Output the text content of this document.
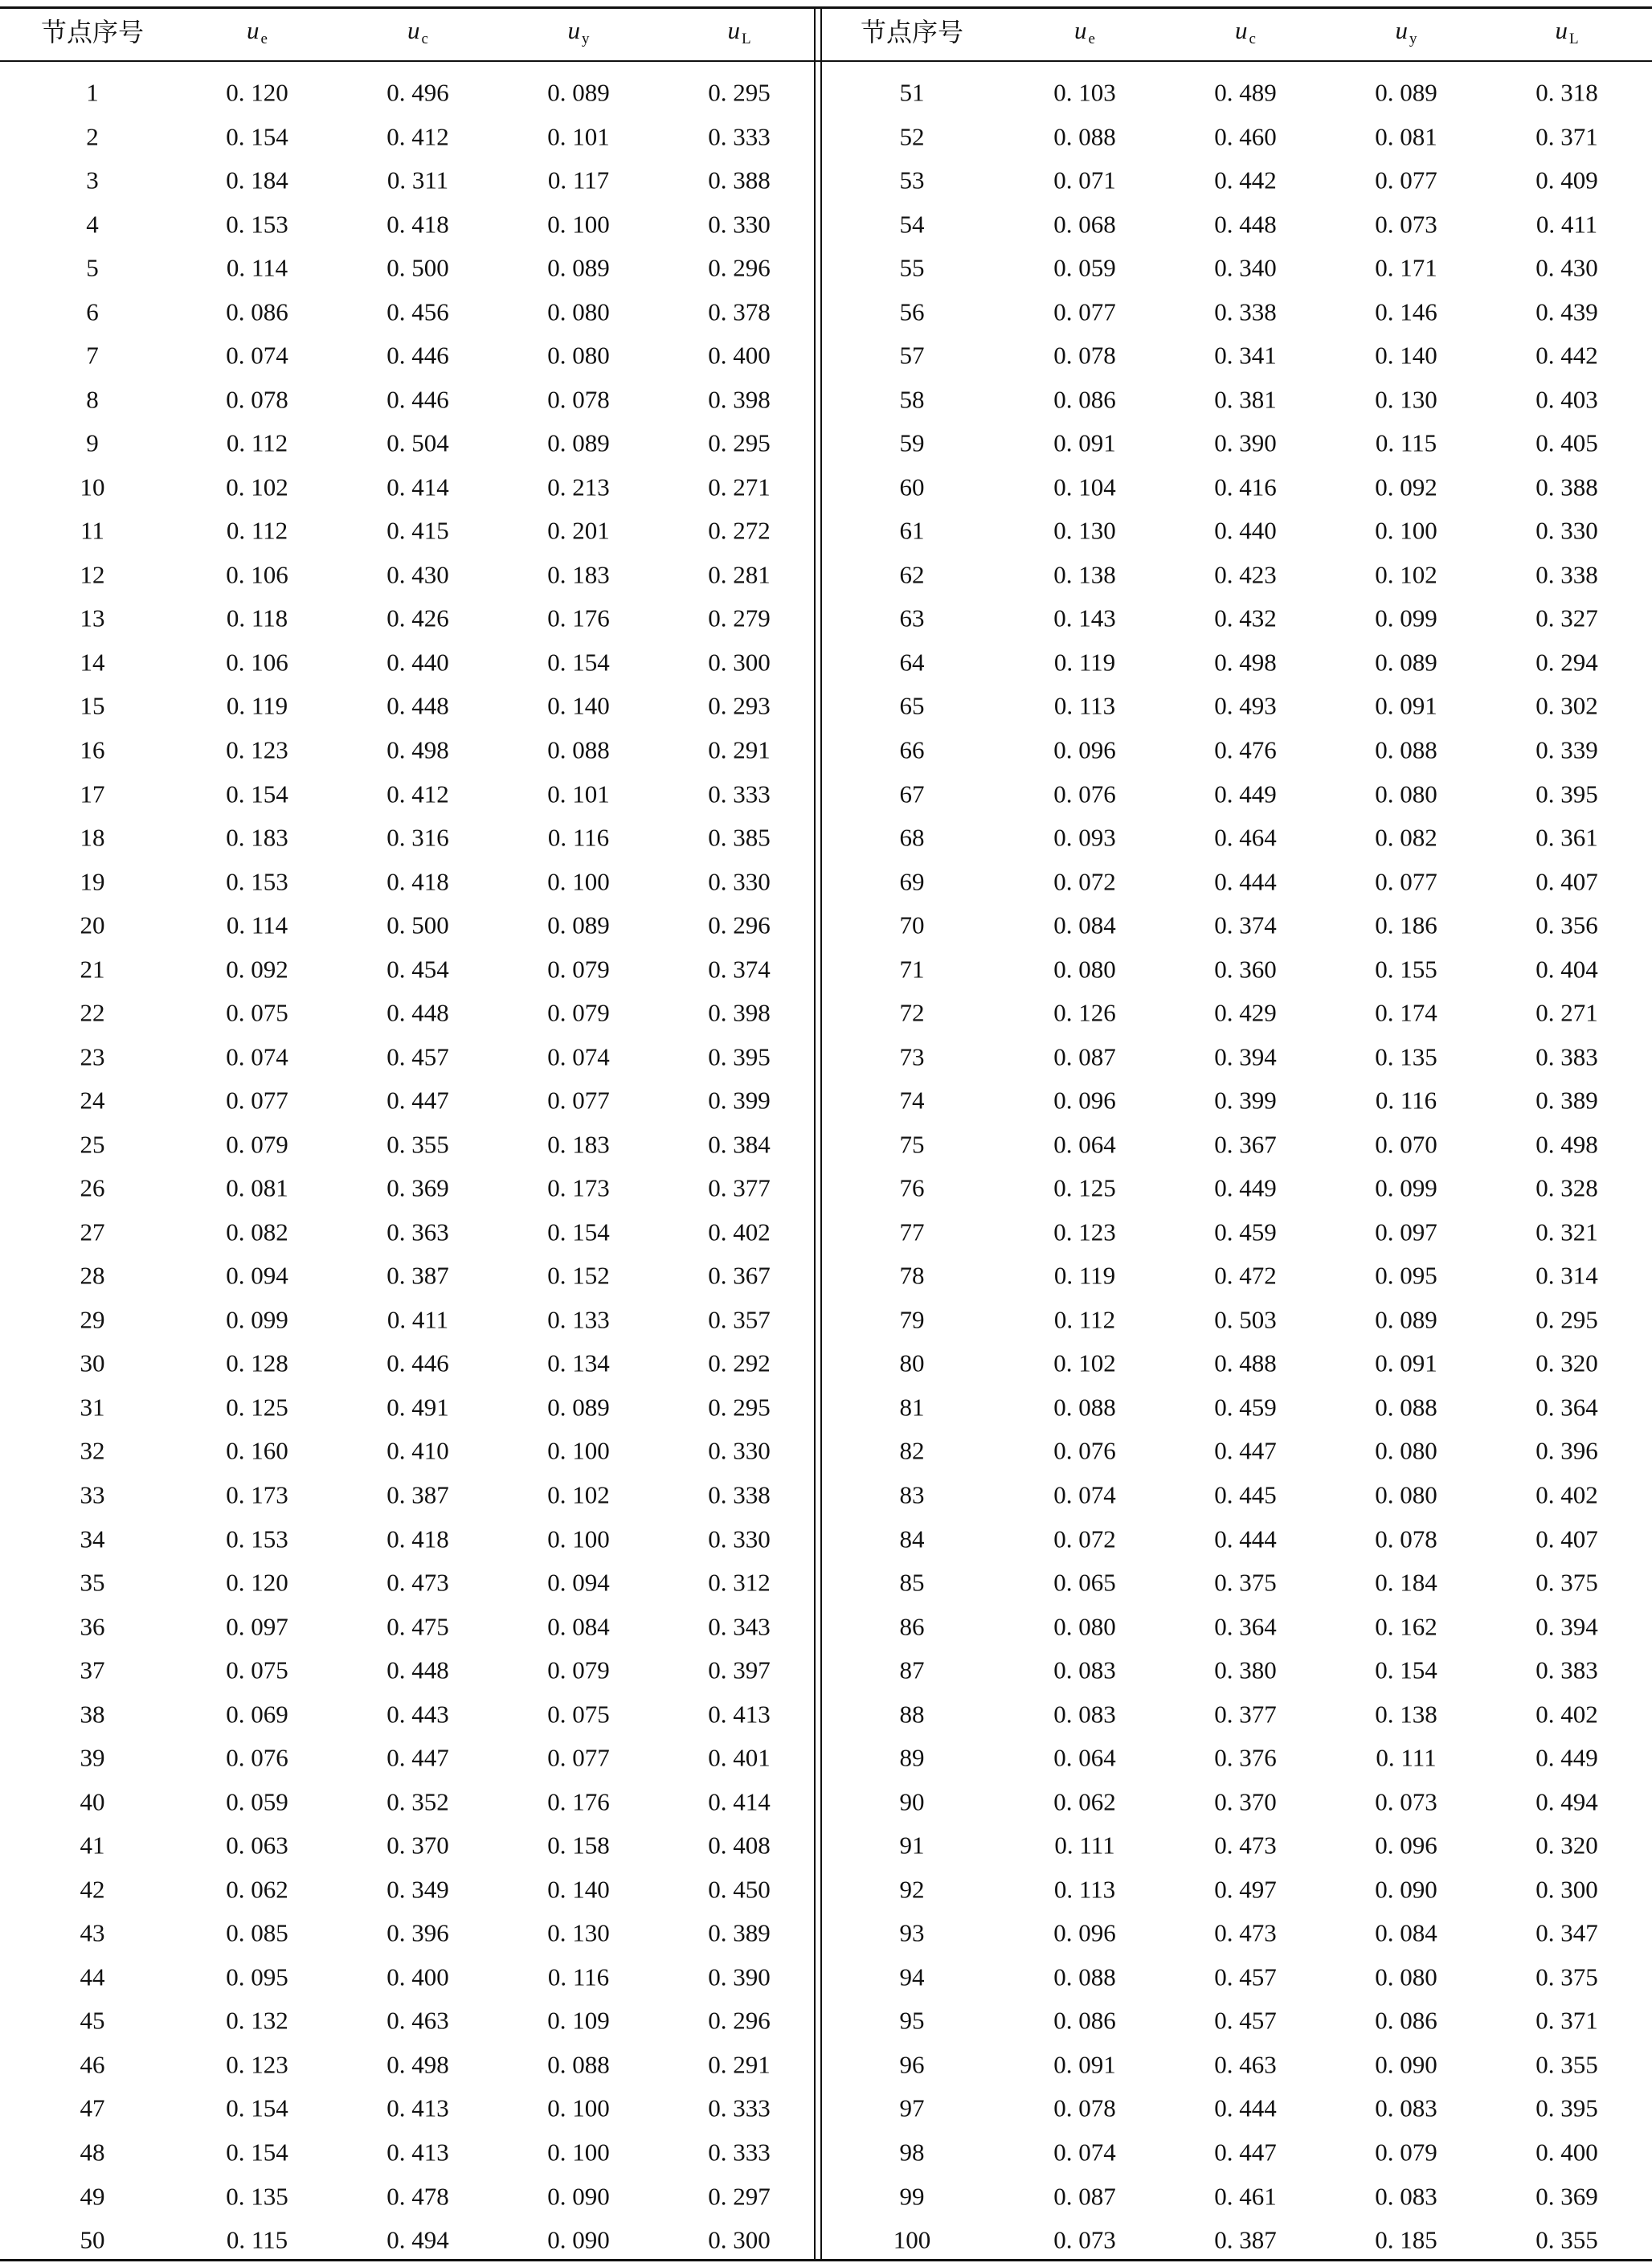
节点序号	u $_e$	u $_c$	u $_y$	u $_L$	节点序号	u $_e$	u $_c$	u $_y$	u $_L$
1	0. 120	0. 496	0. 089	0. 295
2	0. 154	0. 412	0. 101	0. 333
3	0. 184	0. 311	0. 117	0. 388
4	0. 153	0. 418	0. 100	0. 330
5	0. 114	0. 500	0. 089	0. 296
6	0. 086	0. 456	0. 080	0. 378
7	0. 074	0. 446	0. 080	0. 400
8	0. 078	0. 446	0. 078	0. 398
9	0. 112	0. 504	0. 089	0. 295
10	0. 102	0. 414	0. 213	0. 271
11	0. 112	0. 415	0. 201	0. 272
12	0. 106	0. 430	0. 183	0. 281
13	0. 118	0. 426	0. 176	0. 279
14	0. 106	0. 440	0. 154	0. 300
15	0. 119	0. 448	0. 140	0. 293
16	0. 123	0. 498	0. 088	0. 291
17	0. 154	0. 412	0. 101	0. 333
18	0. 183	0. 316	0. 116	0. 385
19	0. 153	0. 418	0. 100	0. 330
20	0. 114	0. 500	0. 089	0. 296
21	0. 092	0. 454	0. 079	0. 374
22	0. 075	0. 448	0. 079	0. 398
23	0. 074	0. 457	0. 074	0. 395
24	0. 077	0. 447	0. 077	0. 399
25	0. 079	0. 355	0. 183	0. 384
26	0. 081	0. 369	0. 173	0. 377
27	0. 082	0. 363	0. 154	0. 402
28	0. 094	0. 387	0. 152	0. 367
29	0. 099	0. 411	0. 133	0. 357
30	0. 128	0. 446	0. 134	0. 292
31	0. 125	0. 491	0. 089	0. 295
32	0. 160	0. 410	0. 100	0. 330
33	0. 173	0. 387	0. 102	0. 338
34	0. 153	0. 418	0. 100	0. 330
35	0. 120	0. 473	0. 094	0. 312
36	0. 097	0. 475	0. 084	0. 343
37	0. 075	0. 448	0. 079	0. 397
38	0. 069	0. 443	0. 075	0. 413
39	0. 076	0. 447	0. 077	0. 401
40	0. 059	0. 352	0. 176	0. 414
41	0. 063	0. 370	0. 158	0. 408
42	0. 062	0. 349	0. 140	0. 450
43	0. 085	0. 396	0. 130	0. 389
44	0. 095	0. 400	0. 116	0. 390
45	0. 132	0. 463	0. 109	0. 296
46	0. 123	0. 498	0. 088	0. 291
47	0. 154	0. 413	0. 100	0. 333
48	0. 154	0. 413	0. 100	0. 333
49	0. 135	0. 478	0. 090	0. 297
50	0. 115	0. 494	0. 090	0. 300
51	0. 103	0. 489	0. 089	0. 318
52	0. 088	0. 460	0. 081	0. 371
53	0. 071	0. 442	0. 077	0. 409
54	0. 068	0. 448	0. 073	0. 411
55	0. 059	0. 340	0. 171	0. 430
56	0. 077	0. 338	0. 146	0. 439
57	0. 078	0. 341	0. 140	0. 442
58	0. 086	0. 381	0. 130	0. 403
59	0. 091	0. 390	0. 115	0. 405
60	0. 104	0. 416	0. 092	0. 388
61	0. 130	0. 440	0. 100	0. 330
62	0. 138	0. 423	0. 102	0. 338
63	0. 143	0. 432	0. 099	0. 327
64	0. 119	0. 498	0. 089	0. 294
65	0. 113	0. 493	0. 091	0. 302
66	0. 096	0. 476	0. 088	0. 339
67	0. 076	0. 449	0. 080	0. 395
68	0. 093	0. 464	0. 082	0. 361
69	0. 072	0. 444	0. 077	0. 407
70	0. 084	0. 374	0. 186	0. 356
71	0. 080	0. 360	0. 155	0. 404
72	0. 126	0. 429	0. 174	0. 271
73	0. 087	0. 394	0. 135	0. 383
74	0. 096	0. 399	0. 116	0. 389
75	0. 064	0. 367	0. 070	0. 498
76	0. 125	0. 449	0. 099	0. 328
77	0. 123	0. 459	0. 097	0. 321
78	0. 119	0. 472	0. 095	0. 314
79	0. 112	0. 503	0. 089	0. 295
80	0. 102	0. 488	0. 091	0. 320
81	0. 088	0. 459	0. 088	0. 364
82	0. 076	0. 447	0. 080	0. 396
83	0. 074	0. 445	0. 080	0. 402
84	0. 072	0. 444	0. 078	0. 407
85	0. 065	0. 375	0. 184	0. 375
86	0. 080	0. 364	0. 162	0. 394
87	0. 083	0. 380	0. 154	0. 383
88	0. 083	0. 377	0. 138	0. 402
89	0. 064	0. 376	0. 111	0. 449
90	0. 062	0. 370	0. 073	0. 494
91	0. 111	0. 473	0. 096	0. 320
92	0. 113	0. 497	0. 090	0. 300
93	0. 096	0. 473	0. 084	0. 347
94	0. 088	0. 457	0. 080	0. 375
95	0. 086	0. 457	0. 086	0. 371
96	0. 091	0. 463	0. 090	0. 355
97	0. 078	0. 444	0. 083	0. 395
98	0. 074	0. 447	0. 079	0. 400
99	0. 087	0. 461	0. 083	0. 369
100	0. 073	0. 387	0. 185	0. 355
